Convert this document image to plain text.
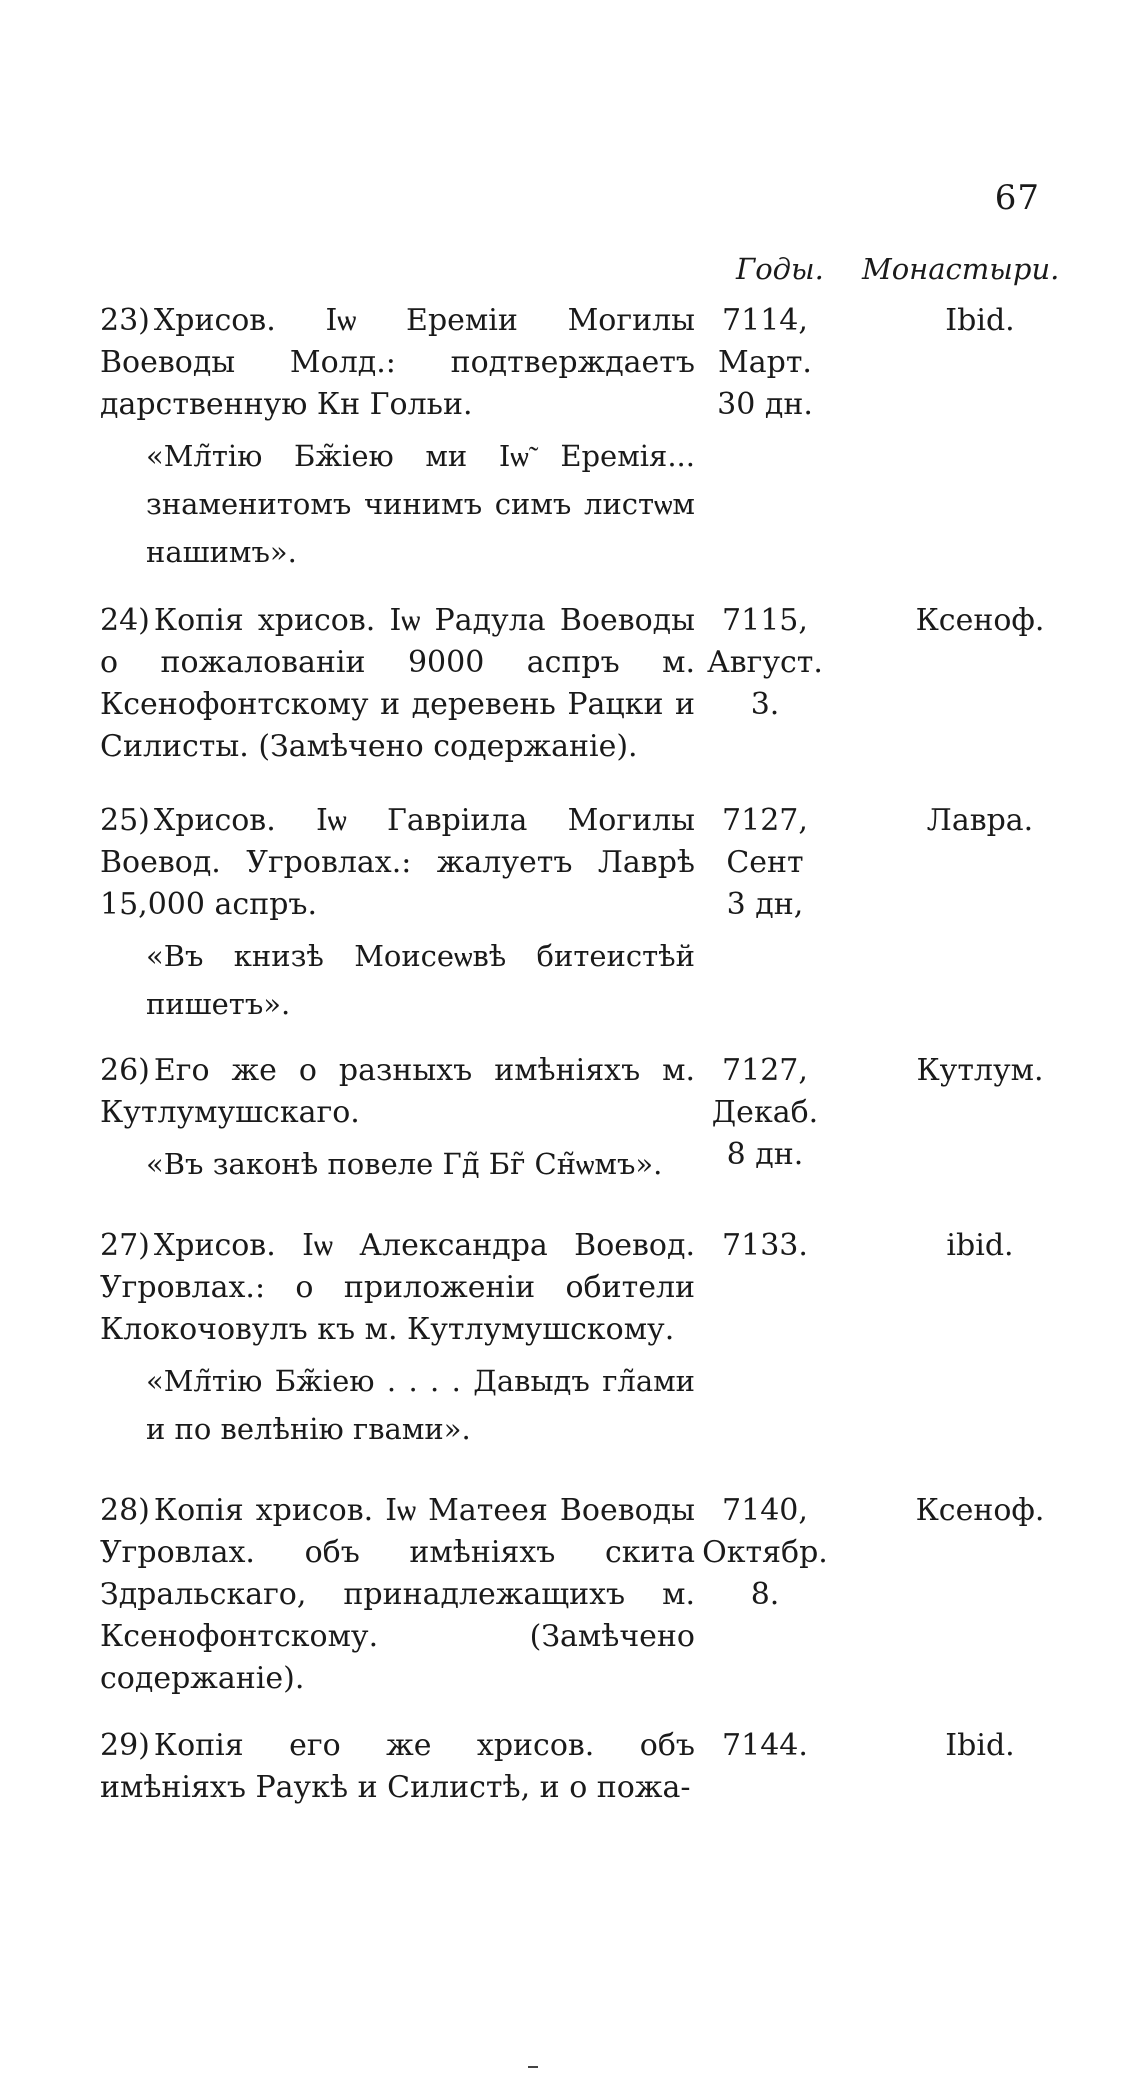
67
Годы. Монастыри.

23) Хрисов. Іѡ Еремiи Могилы Воеводы Молд.: подтверждаетъ дарственную Кн Гольи.

«Мл̃тiю Бж̃iею ми Iѡ̃ Еремiя... знаменитомъ чинимъ симъ листѡм нашимъ».

7114,
Март.
30 дн.
Ibid.

24) Копія хрисов. Iѡ Радула Воеводы о пожалованіи 9000 аспръ м. Ксенофонтскому и деревень Рацки и Силисты. (Замѣчено содержаніе).

7115,
Август.
3.
Ксеноф.

25) Хрисов. Iѡ Гавріила Могилы Воевод. Угровлах.: жалуетъ Лаврѣ 15,000 аспръ.

«Въ книзѣ Моисеѡвѣ битеистѣй пишетъ».

7127,
Сент
3 дн,
Лавра.

26) Его же о разныхъ имѣніяхъ м. Кутлумушскаго.

«Въ законѣ повеле Гд̃ Бг̃ Сн̃ѡмъ».

7127,
Декаб.
8 дн.
Кутлум.

27) Хрисов. Iѡ Александра Воевод. Угровлах.: о приложеніи обители Клокочовулъ къ м. Кутлумушскому.

«Мл̃тiю Бж̃iею . . . . Давыдъ гл̃ами и по велѣнію гвами».

7133.	ibid.

28) Копія хрисов. Iѡ Матеея Воеводы Угровлах. объ имѣніяхъ скита Здральскаго, принадлежащихъ м. Ксенофонтскому. (Замѣчено содержаніе).

7140,
Октябр.
8.
Ксеноф.

29) Копія его же хрисов. объ имѣніяхъ Раукѣ и Силистѣ, и о пожа-

7144.	Ibid.
